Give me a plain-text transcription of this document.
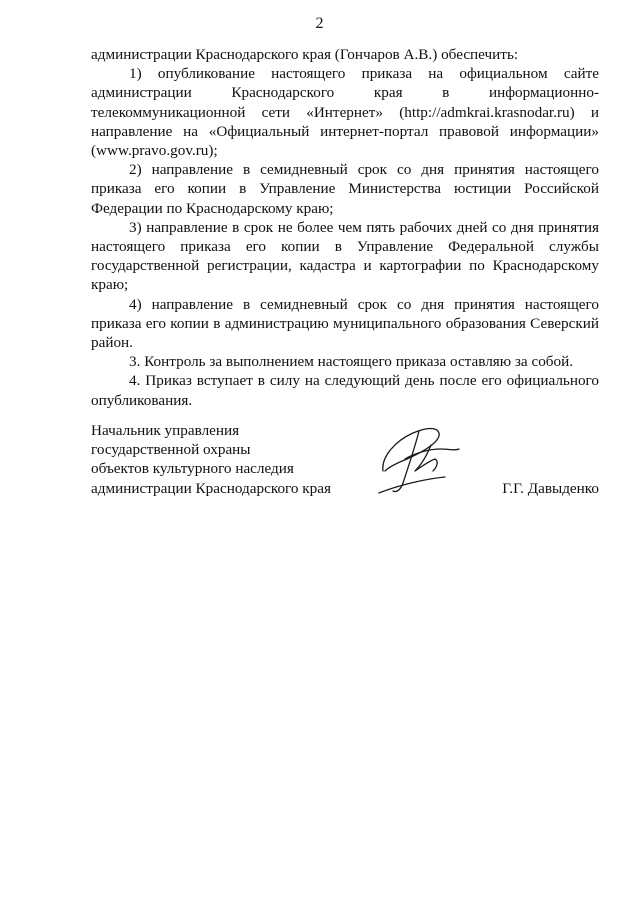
2

администрации Краснодарского края (Гончаров А.В.) обеспечить:

1) опубликование настоящего приказа на официальном сайте администрации Краснодарского края в информационно-телекоммуникационной сети «Интернет» (http://admkrai.krasnodar.ru) и направление на «Официальный интернет-портал правовой информации» (www.pravo.gov.ru);

2) направление в семидневный срок со дня принятия настоящего приказа его копии в Управление Министерства юстиции Российской Федерации по Краснодарскому краю;

3) направление в срок не более чем пять рабочих дней со дня принятия настоящего приказа его копии в Управление Федеральной службы государственной регистрации, кадастра и картографии по Краснодарскому краю;

4) направление в семидневный срок со дня принятия настоящего приказа его копии в администрацию муниципального образования Северский район.

3. Контроль за выполнением настоящего приказа оставляю за собой.

4. Приказ вступает в силу на следующий день после его официального опубликования.

Начальник управления
государственной охраны
объектов культурного наследия
администрации Краснодарского края	Г.Г. Давыденко
